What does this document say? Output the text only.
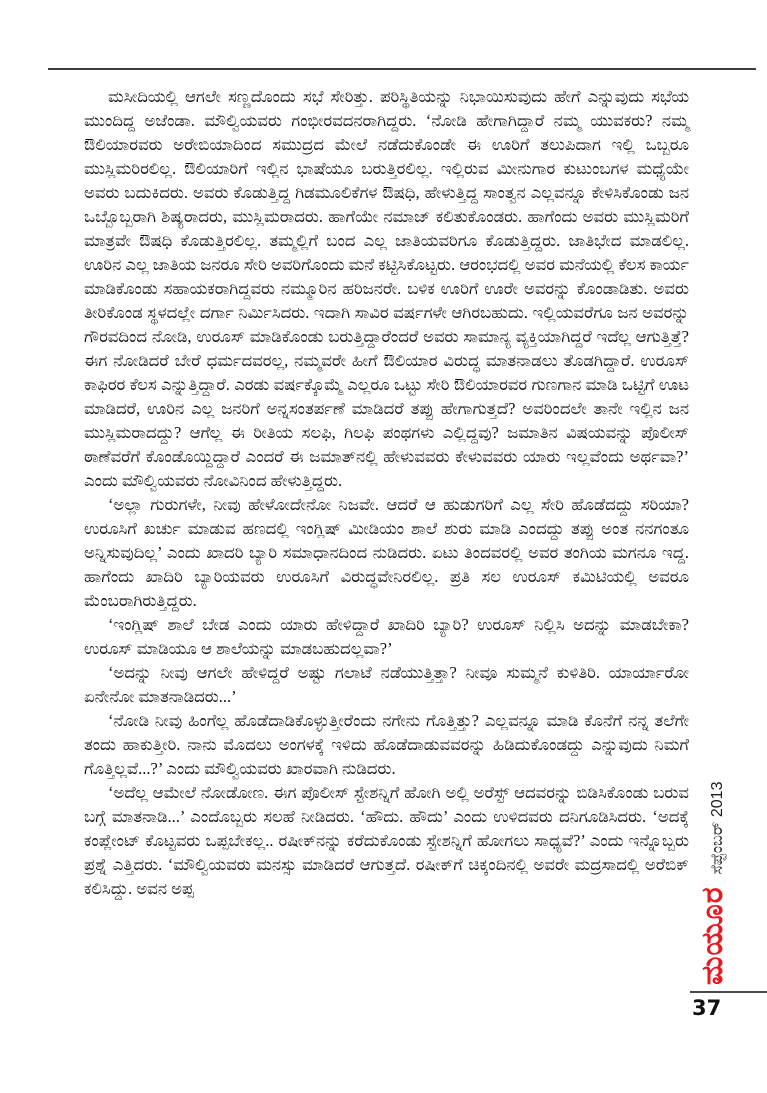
ಮಸೀದಿಯಲ್ಲಿ ಆಗಲೇ ಸಣ್ಣದೊಂದು ಸಭೆ ಸೇರಿತ್ತು. ಪರಿಸ್ಥಿತಿಯನ್ನು ನಿಭಾಯಿಸುವುದು ಹೇಗೆ ಎನ್ನುವುದು ಸಭೆಯ ಮುಂದಿದ್ದ ಅಜೆಂಡಾ. ಮೌಲ್ವಿಯವರು ಗಂಭೀರವದನರಾಗಿದ್ದರು. ‘ನೋಡಿ ಹೇಗಾಗಿದ್ದಾರೆ ನಮ್ಮ ಯುವಕರು? ನಮ್ಮ ಔಲಿಯಾರವರು ಅರೇಬಿಯಾದಿಂದ ಸಮುದ್ರದ ಮೇಲೆ ನಡೆದುಕೊಂಡೇ ಈ ಊರಿಗೆ ತಲುಪಿದಾಗ ಇಲ್ಲಿ ಒಬ್ಬರೂ ಮುಸ್ಲಿಮರಿರಲಿಲ್ಲ. ಔಲಿಯಾರಿಗೆ ಇಲ್ಲಿನ ಭಾಷೆಯೂ ಬರುತ್ತಿರಲಿಲ್ಲ. ಇಲ್ಲಿರುವ ಮೀನುಗಾರ ಕುಟುಂಬಗಳ ಮಧ್ಯೆಯೇ ಅವರು ಬದುಕಿದರು. ಅವರು ಕೊಡುತ್ತಿದ್ದ ಗಿಡಮೂಲಿಕೆಗಳ ಔಷಧಿ, ಹೇಳುತ್ತಿದ್ದ ಸಾಂತ್ವನ ಎಲ್ಲವನ್ನೂ ಕೇಳಿಸಿಕೊಂಡು ಜನ ಒಬ್ಬೊಬ್ಬರಾಗಿ ಶಿಷ್ಯರಾದರು, ಮುಸ್ಲಿಮರಾದರು. ಹಾಗೆಯೇ ನಮಾಜ್ ಕಲಿತುಕೊಂಡರು. ಹಾಗೆಂದು ಅವರು ಮುಸ್ಲಿಮರಿಗೆ ಮಾತ್ರವೇ ಔಷಧಿ ಕೊಡುತ್ತಿರಲಿಲ್ಲ. ತಮ್ಮಲ್ಲಿಗೆ ಬಂದ ಎಲ್ಲ ಜಾತಿಯವರಿಗೂ ಕೊಡುತ್ತಿದ್ದರು. ಜಾತಿಭೇದ ಮಾಡಲಿಲ್ಲ. ಊರಿನ ಎಲ್ಲ ಜಾತಿಯ ಜನರೂ ಸೇರಿ ಅವರಿಗೊಂದು ಮನೆ ಕಟ್ಟಿಸಿಕೊಟ್ಟರು. ಆರಂಭದಲ್ಲಿ ಅವರ ಮನೆಯಲ್ಲಿ ಕೆಲಸ ಕಾರ್ಯ ಮಾಡಿಕೊಂಡು ಸಹಾಯಕರಾಗಿದ್ದವರು ನಮ್ಮೂರಿನ ಹರಿಜನರೇ. ಬಳಿಕ ಊರಿಗೆ ಊರೇ ಅವರನ್ನು ಕೊಂಡಾಡಿತು. ಅವರು ತೀರಿಕೊಂಡ ಸ್ಥಳದಲ್ಲೇ ದರ್ಗಾ ನಿರ್ಮಿಸಿದರು. ಇದಾಗಿ ಸಾವಿರ ವರ್ಷಗಳೇ ಆಗಿರಬಹುದು. ಇಲ್ಲಿಯವರೆಗೂ ಜನ ಅವರನ್ನು ಗೌರವದಿಂದ ನೋಡಿ, ಉರೂಸ್ ಮಾಡಿಕೊಂಡು ಬರುತ್ತಿದ್ದಾರೆಂದರೆ ಅವರು ಸಾಮಾನ್ಯ ವ್ಯಕ್ತಿಯಾಗಿದ್ದರೆ ಇದೆಲ್ಲ ಆಗುತ್ತಿತ್ತೆ? ಈಗ ನೋಡಿದರೆ ಬೇರೆ ಧರ್ಮದವರಲ್ಲ, ನಮ್ಮವರೇ ಹೀಗೆ ಔಲಿಯಾರ ವಿರುದ್ಧ ಮಾತನಾಡಲು ತೊಡಗಿದ್ದಾರೆ. ಉರೂಸ್ ಕಾಫಿರರ ಕೆಲಸ ಎನ್ನುತ್ತಿದ್ದಾರೆ. ಎರಡು ವರ್ಷಕ್ಕೊಮ್ಮೆ ಎಲ್ಲರೂ ಒಟ್ಟು ಸೇರಿ ಔಲಿಯಾರವರ ಗುಣಗಾನ ಮಾಡಿ ಒಟ್ಟಿಗೆ ಊಟ ಮಾಡಿದರೆ, ಊರಿನ ಎಲ್ಲ ಜನರಿಗೆ ಅನ್ನಸಂತರ್ಪಣೆ ಮಾಡಿದರೆ ತಪ್ಪು ಹೇಗಾಗುತ್ತದೆ? ಅವರಿಂದಲೇ ತಾನೇ ಇಲ್ಲಿನ ಜನ ಮುಸ್ಲಿಮರಾದದ್ದು? ಆಗೆಲ್ಲ ಈ ರೀತಿಯ ಸಲಫಿ, ಗಿಲಫಿ ಪಂಥಗಳು ಎಲ್ಲಿದ್ದವು? ಜಮಾತಿನ ವಿಷಯವನ್ನು ಪೊಲೀಸ್ ಠಾಣೆವರೆಗೆ ಕೊಂಡೊಯ್ದಿದ್ದಾರೆ ಎಂದರೆ ಈ ಜಮಾತ್‌ನಲ್ಲಿ ಹೇಳುವವರು ಕೇಳುವವರು ಯಾರು ಇಲ್ಲವೆಂದು ಅರ್ಥವಾ?’ ಎಂದು ಮೌಲ್ವಿಯವರು ನೋವಿನಿಂದ ಹೇಳುತ್ತಿದ್ದರು.

‘ಅಲ್ಲಾ ಗುರುಗಳೇ, ನೀವು ಹೇಳೋದೇನೋ ನಿಜವೇ. ಆದರೆ ಆ ಹುಡುಗರಿಗೆ ಎಲ್ಲ ಸೇರಿ ಹೊಡೆದದ್ದು ಸರಿಯಾ? ಉರೂಸಿಗೆ ಖರ್ಚು ಮಾಡುವ ಹಣದಲ್ಲಿ ಇಂಗ್ಲಿಷ್ ಮೀಡಿಯಂ ಶಾಲೆ ಶುರು ಮಾಡಿ ಎಂದದ್ದು ತಪ್ಪು ಅಂತ ನನಗಂತೂ ಅನ್ನಿಸುವುದಿಲ್ಲ’ ಎಂದು ಖಾದರಿ ಬ್ಯಾರಿ ಸಮಾಧಾನದಿಂದ ನುಡಿದರು. ಏಟು ತಿಂದವರಲ್ಲಿ ಅವರ ತಂಗಿಯ ಮಗನೂ ಇದ್ದ. ಹಾಗೆಂದು ಖಾದಿರಿ ಬ್ಯಾರಿಯವರು ಉರೂಸಿಗೆ ವಿರುದ್ಧವೇನಿರಲಿಲ್ಲ. ಪ್ರತಿ ಸಲ ಉರೂಸ್ ಕಮಿಟಿಯಲ್ಲಿ ಅವರೂ ಮೆಂಬರಾಗಿರುತ್ತಿದ್ದರು.

‘ಇಂಗ್ಲಿಷ್ ಶಾಲೆ ಬೇಡ ಎಂದು ಯಾರು ಹೇಳಿದ್ದಾರೆ ಖಾದಿರಿ ಬ್ಯಾರಿ? ಉರೂಸ್ ನಿಲ್ಲಿಸಿ ಅದನ್ನು ಮಾಡಬೇಕಾ? ಉರೂಸ್ ಮಾಡಿಯೂ ಆ ಶಾಲೆಯನ್ನು ಮಾಡಬಹುದಲ್ಲವಾ?’

‘ಅದನ್ನು ನೀವು ಆಗಲೇ ಹೇಳಿದ್ದರೆ ಅಷ್ಟು ಗಲಾಟೆ ನಡೆಯುತ್ತಿತ್ತಾ? ನೀವೂ ಸುಮ್ಮನೆ ಕುಳಿತಿರಿ. ಯಾರ್ಯಾರೋ ಏನೇನೋ ಮಾತನಾಡಿದರು...’

‘ನೋಡಿ ನೀವು ಹಿಂಗೆಲ್ಲ ಹೊಡೆದಾಡಿಕೊಳ್ಳುತ್ತೀರೆಂದು ನಗೇನು ಗೊತ್ತಿತ್ತು? ಎಲ್ಲವನ್ನೂ ಮಾಡಿ ಕೊನೆಗೆ ನನ್ನ ತಲೆಗೇ ತಂದು ಹಾಕುತ್ತೀರಿ. ನಾನು ಮೊದಲು ಅಂಗಳಕ್ಕೆ ಇಳಿದು ಹೊಡೆದಾಡುವವರನ್ನು ಹಿಡಿದುಕೊಂಡದ್ದು ಎನ್ನುವುದು ನಿಮಗೆ ಗೊತ್ತಿಲ್ಲವೆ...?’ ಎಂದು ಮೌಲ್ವಿಯವರು ಖಾರವಾಗಿ ನುಡಿದರು.

‘ಅದೆಲ್ಲ ಆಮೇಲೆ ನೋಡೋಣ. ಈಗ ಪೊಲೀಸ್ ಸ್ಟೇಶನ್ನಿಗೆ ಹೋಗಿ ಅಲ್ಲಿ ಅರೆಸ್ಟ್ ಆದವರನ್ನು ಬಿಡಿಸಿಕೊಂಡು ಬರುವ ಬಗ್ಗೆ ಮಾತನಾಡಿ...’ ಎಂದೊಬ್ಬರು ಸಲಹೆ ನೀಡಿದರು. ‘ಹೌದು. ಹೌದು’ ಎಂದು ಉಳಿದವರು ದನಿಗೂಡಿಸಿದರು. ‘ಅದಕ್ಕೆ ಕಂಪ್ಲೇಂಟ್ ಕೊಟ್ಟವರು ಒಪ್ಪಬೇಕಲ್ಲ.. ರಷೀಕ್‌ನನ್ನು ಕರೆದುಕೊಂಡು ಸ್ಟೇಶನ್ನಿಗೆ ಹೋಗಲು ಸಾಧ್ಯವೆ?’ ಎಂದು ಇನ್ನೊಬ್ಬರು ಪ್ರಶ್ನೆ ಎತ್ತಿದರು. ‘ಮೌಲ್ವಿಯವರು ಮನಸ್ಸು ಮಾಡಿದರೆ ಆಗುತ್ತದೆ. ರಷೀಕ್‌ಗೆ ಚಿಕ್ಕಂದಿನಲ್ಲಿ ಅವರೇ ಮದ್ರಸಾದಲ್ಲಿ ಅರೆಬಿಕ್ ಕಲಿಸಿದ್ದು. ಅವನ ಅಪ್ಪ	ಮಯೂರ
ಸೆಪ್ಟೆಂಬರ್ 2013
37
